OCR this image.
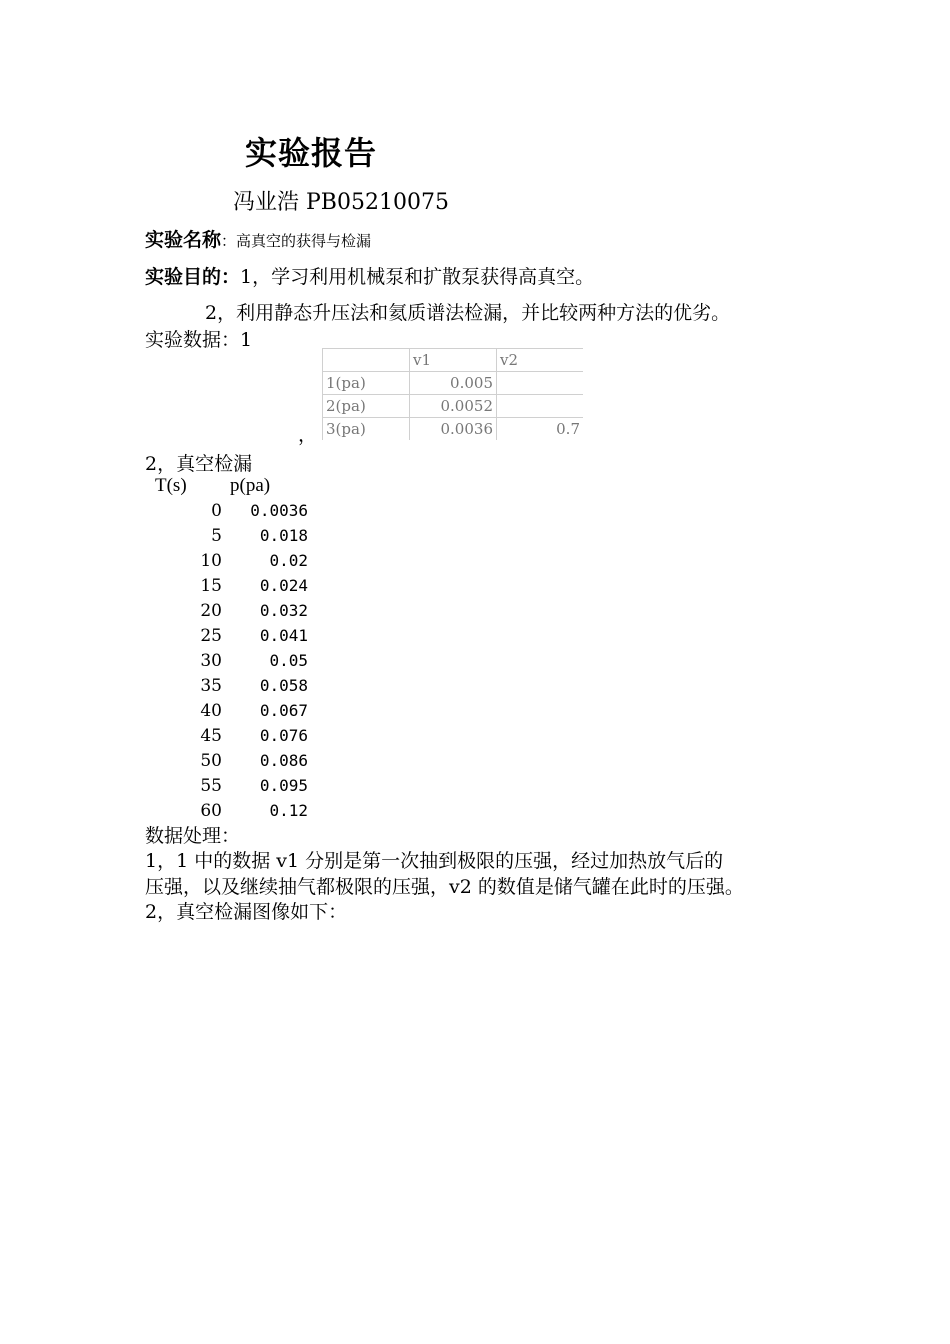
实验报告
冯业浩 PB05210075
实验名称：高真空的获得与检漏
实验目的：1，学习利用机械泵和扩散泵获得高真空。
2，利用静态升压法和氦质谱法检漏，并比较两种方法的优劣。
实验数据：1
，
	v1	v2
1(pa)	0.005	
2(pa)	0.0052	
3(pa)	0.0036	0.7
2，真空检漏
T(s)	p(pa)
0	0.0036
5	0.018
10	0.02
15	0.024
20	0.032
25	0.041
30	0.05
35	0.058
40	0.067
45	0.076
50	0.086
55	0.095
60	0.12
数据处理：
1，1 中的数据 v1 分别是第一次抽到极限的压强，经过加热放气后的
压强，以及继续抽气都极限的压强，v2 的数值是储气罐在此时的压强。
2，真空检漏图像如下：
